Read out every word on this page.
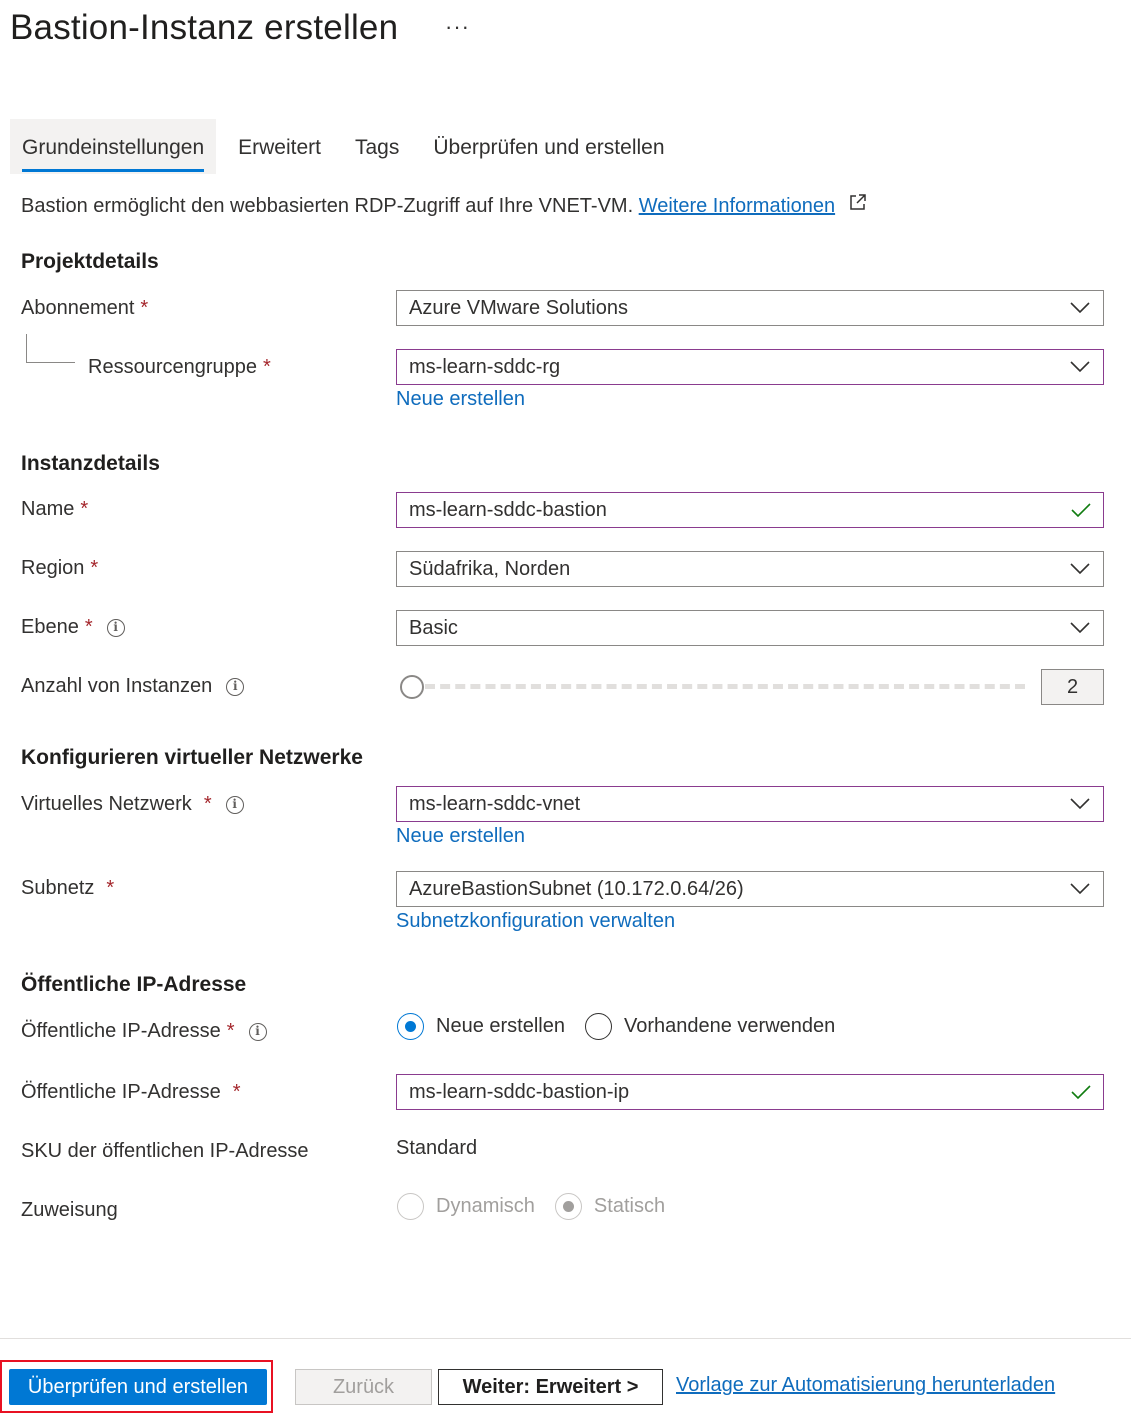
Bastion-Instanz erstellen ···
Grundeinstellungen	Erweitert	Tags	Überprüfen und erstellen
Bastion ermöglicht den webbasierten RDP-Zugriff auf Ihre VNET-VM. Weitere Informationen
Projektdetails
Abonnement *	Azure VMware Solutions
Ressourcengruppe *	ms-learn-sddc-rg
Neue erstellen
Instanzdetails
Name *	ms-learn-sddc-bastion
Region *	Südafrika, Norden
Ebene *	i	Basic
Anzahl von Instanzen	i	2
Konfigurieren virtueller Netzwerke
Virtuelles Netzwerk *	i	ms-learn-sddc-vnet
Neue erstellen
Subnetz *	AzureBastionSubnet (10.172.0.64/26)
Subnetzkonfiguration verwalten
Öffentliche IP-Adresse
Öffentliche IP-Adresse *	i	Neue erstellen	Vorhandene verwenden
Öffentliche IP-Adresse *	ms-learn-sddc-bastion-ip
SKU der öffentlichen IP-Adresse	Standard
Zuweisung	Dynamisch	Statisch
Überprüfen und erstellen	Zurück	Weiter: Erweitert >	Vorlage zur Automatisierung herunterladen
